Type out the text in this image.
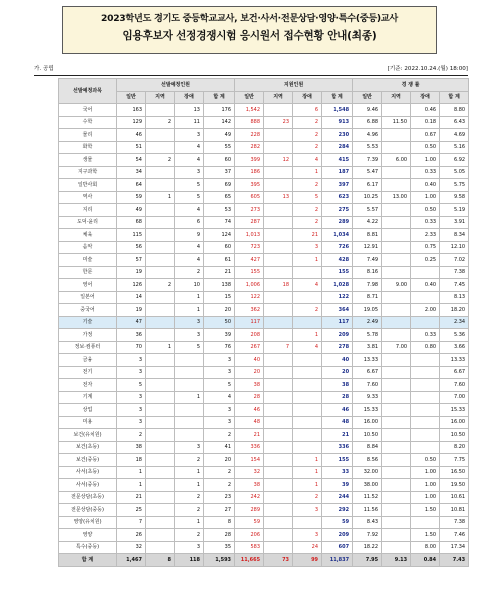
2023학년도 경기도 중등학교교사, 보건·사서·전문상담·영양·특수(중등)교사
임용후보자 선정경쟁시험 응시원서 접수현황 안내(최종)
가. 공립	[기준: 2022.10.24.(월) 18:00]
선발예정과목	선발예정인원				지원인원				경 쟁 률			
	일반	지역	장애	합 계	일반	지역	장애	합 계	일반	지역	장애	합 계
국어	163		13	176	1,542		6	1,548	9.46		0.46	8.80
수학	129	2	11	142	888	23	2	913	6.88	11.50	0.18	6.43
물리	46		3	49	228		2	230	4.96		0.67	4.69
화학	51		4	55	282		2	284	5.53		0.50	5.16
생물	54	2	4	60	399	12	4	415	7.39	6.00	1.00	6.92
지구과학	34		3	37	186		1	187	5.47		0.33	5.05
일반사회	64		5	69	395		2	397	6.17		0.40	5.75
역사	59	1	5	65	605	13	5	623	10.25	13.00	1.00	9.58
지리	49		4	53	273		2	275	5.57		0.50	5.19
도덕·윤리	68		6	74	287		2	289	4.22		0.33	3.91
체육	115		9	124	1,013		21	1,034	8.81		2.33	8.34
음악	56		4	60	723		3	726	12.91		0.75	12.10
미술	57		4	61	427		1	428	7.49		0.25	7.02
한문	19		2	21	155			155	8.16			7.38
영어	126	2	10	138	1,006	18	4	1,028	7.98	9.00	0.40	7.45
일본어	14		1	15	122			122	8.71			8.13
중국어	19		1	20	362		2	364	19.05		2.00	18.20
기술	47		3	50	117			117	2.49			2.34
가정	36		3	39	208		1	209	5.78		0.33	5.36
정보·컴퓨터	70	1	5	76	267	7	4	278	3.81	7.00	0.80	3.66
금융	3			3	40			40	13.33			13.33
전기	3			3	20			20	6.67			6.67
전자	5			5	38			38	7.60			7.60
기계	3		1	4	28			28	9.33			7.00
상업	3			3	46			46	15.33			15.33
미용	3			3	48			48	16.00			16.00
보건(유치원)	2			2	21			21	10.50			10.50
보건(초등)	38		3	41	336			336	8.84			8.20
보건(중등)	18		2	20	154		1	155	8.56		0.50	7.75
사서(초등)	1		1	2	32		1	33	32.00		1.00	16.50
사서(중등)	1		1	2	38		1	39	38.00		1.00	19.50
전문상담(초등)	21		2	23	242		2	244	11.52		1.00	10.61
전문상담(중등)	25		2	27	289		3	292	11.56		1.50	10.81
영양(유치원)	7		1	8	59			59	8.43			7.38
영양	26		2	28	206		3	209	7.92		1.50	7.46
특수(중등)	32		3	35	583		24	607	18.22		8.00	17.34
합 계	1,467	8	118	1,593	11,665	73	99	11,837	7.95	9.13	0.84	7.43
